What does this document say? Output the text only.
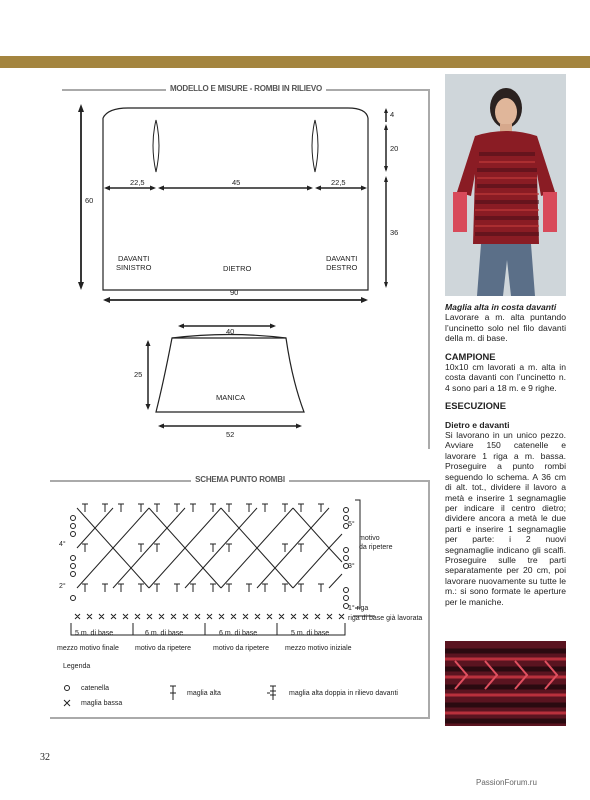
MODELLO E MISURE - ROMBI IN RILIEVO
4
20
36
60
22,5	45	22,5
DAVANTI
SINISTRO	DIETRO
DAVANTI
DESTRO
90
40
25
MANICA
52
SCHEMA PUNTO ROMBI
5°
motivo
da ripetere
3°
4°
2°
1° riga
riga di base già lavorata
5 m. di base	6 m. di base	6 m. di base	5 m. di base
mezzo motivo finale motivo da ripetere	motivo da ripetere mezzo motivo iniziale
Legenda
catenella
maglia bassa
maglia alta	maglia alta doppia in rilievo davanti
Maglia alta in costa davanti

Lavorare a m. alta puntando l’uncinetto solo nel filo davanti della m. di base.

CAMPIONE

10x10 cm lavorati a m. alta in costa davanti con l’uncinetto n. 4 sono pari a 18 m. e 9 righe.

ESECUZIONE
Dietro e davanti

Si lavorano in un unico pezzo. Avviare 150 catenelle e lavorare 1 riga a m. bassa. Proseguire a punto rombi seguendo lo schema. A 36 cm di alt. tot., dividere il lavoro a metà e inserire 1 segnamaglie per indicare il centro dietro; dividere ancora a metà le due parti e inserire 1 segnamaglie per parte: i 2 nuovi segnamaglie indicano gli scalfi. Proseguire sulle tre parti separatamente per 20 cm, poi lavorare nuovamente su tutte le m.: si sono formate le aperture per le maniche.

32
PassionForum.ru
